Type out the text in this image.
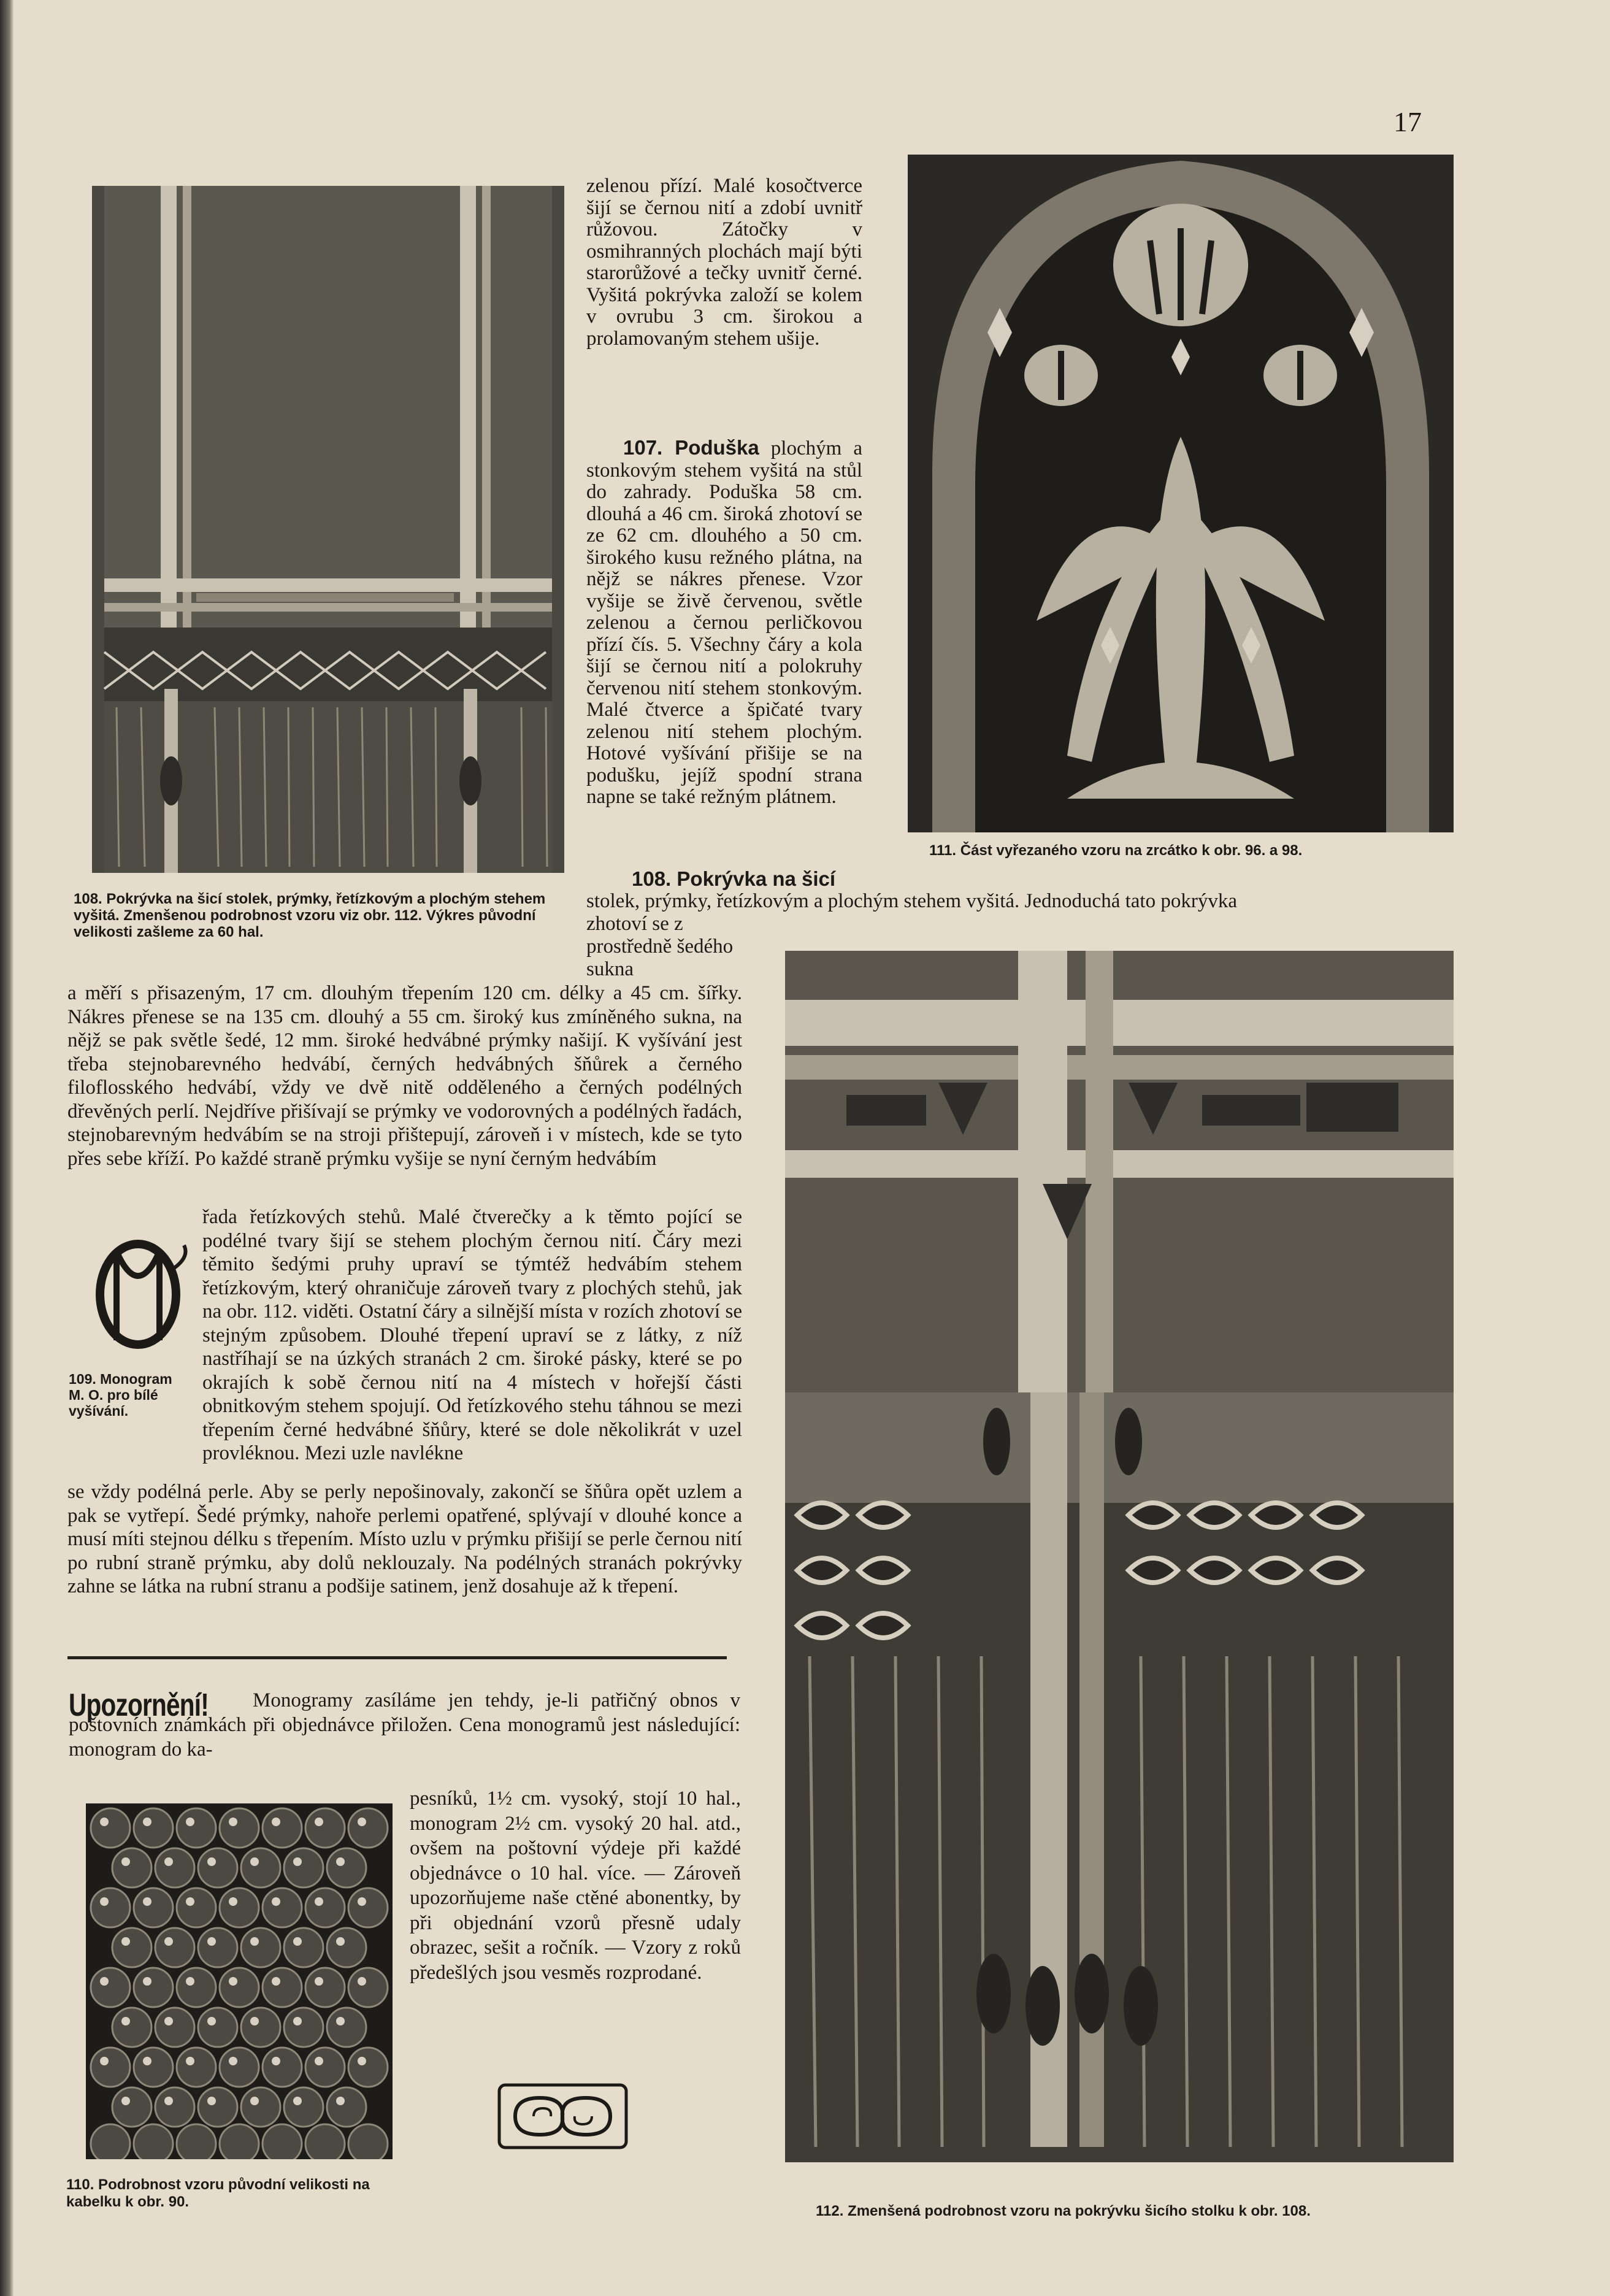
17
108. Pokrývka na šicí stolek, prýmky, řetízkovým a plochým stehem vyšitá. Zmenšenou podrobnost vzoru viz obr. 112. Výkres původní velikosti zašleme za 60 hal.
zelenou přízí. Malé kosočtverce šijí se černou nití a zdobí uvnitř růžovou. Zátočky v osmihranných plochách mají býti starorůžové a tečky uvnitř černé. Vyšitá pokrývka založí se kolem v ovrubu 3 cm. širokou a prolamovaným stehem ušije.
107. Poduška plochým a stonkovým stehem vyšitá na stůl do zahrady. Poduška 58 cm. dlouhá a 46 cm. široká zhotoví se ze 62 cm. dlouhého a 50 cm. širokého kusu režného plátna, na nějž se nákres přenese. Vzor vyšije se živě červenou, světle zelenou a černou perličkovou přízí čís. 5. Všechny čáry a kola šijí se černou nití a polokruhy červenou nití stehem stonkovým. Malé čtverce a špičaté tvary zelenou nití stehem plochým. Hotové vyšívání přišije se na podušku, jejíž spodní strana napne se také režným plátnem.
111. Část vyřezaného vzoru na zrcátko k obr. 96. a 98.
108. Pokrývka na šicí
stolek, prýmky, řetízkovým a plochým stehem vyšitá. Jednoduchá tato pokrývka
zhotoví se z prostředně šedého sukna
a měří s přisazeným, 17 cm. dlouhým třepením 120 cm. délky a 45 cm. šířky. Nákres přenese se na 135 cm. dlouhý a 55 cm. široký kus zmíněného sukna, na nějž se pak světle šedé, 12 mm. široké hedvábné prýmky našijí. K vyšívání jest třeba stejnobarevného hedvábí, černých hedvábných šňůrek a černého filoflosského hedvábí, vždy ve dvě nitě odděleného a černých podélných dřevěných perlí. Nejdříve přišívají se prýmky ve vodorovných a podélných řadách, stejnobarevným hedvábím se na stroji přištepují, zároveň i v místech, kde se tyto přes sebe kříží. Po každé straně prýmku vyšije se nyní černým hedvábím
109. Monogram M. O. pro bílé vyšívání.
řada řetízkových stehů. Malé čtverečky a k těmto pojící se podélné tvary šijí se stehem plochým černou nití. Čáry mezi těmito šedými pruhy upraví se týmtéž hedvábím stehem řetízkovým, který ohraničuje zároveň tvary z plochých stehů, jak na obr. 112. viděti. Ostatní čáry a silnější místa v rozích zhotoví se stejným způsobem. Dlouhé třepení upraví se z látky, z níž nastříhají se na úzkých stranách 2 cm. široké pásky, které se po okrajích k sobě černou nití na 4 místech v hořejší části obnitkovým stehem spojují. Od řetízkového stehu táhnou se mezi třepením černé hedvábné šňůry, které se dole několikrát v uzel provléknou. Mezi uzle navlékne
se vždy podélná perle. Aby se perly nepošinovaly, zakončí se šňůra opět uzlem a pak se vytřepí. Šedé prýmky, nahoře perlemi opatřené, splývají v dlouhé konce a musí míti stejnou délku s třepením. Místo uzlu v prýmku přišijí se perle černou nití po rubní straně prýmku, aby dolů neklouzaly. Na podélných stranách pokrývky zahne se látka na rubní stranu a podšije satinem, jenž dosahuje až k třepení.
112. Zmenšená podrobnost vzoru na pokrývku šicího stolku k obr. 108.
Upozornění!	Monogramy zasíláme jen tehdy, je-li patřičný obnos v poštovních známkách při objednávce přiložen. Cena monogramů jest následující: monogram do ka-
pesníků, 1½ cm. vysoký, stojí 10 hal., monogram 2½ cm. vysoký 20 hal. atd., ovšem na poštovní výdeje při každé objednávce o 10 hal. více. — Zároveň upozorňujeme naše ctěné abonentky, by při objednání vzorů přesně udaly obrazec, sešit a ročník. — Vzory z roků předešlých jsou vesměs rozprodané.
110. Podrobnost vzoru původní velikosti na kabelku k obr. 90.
